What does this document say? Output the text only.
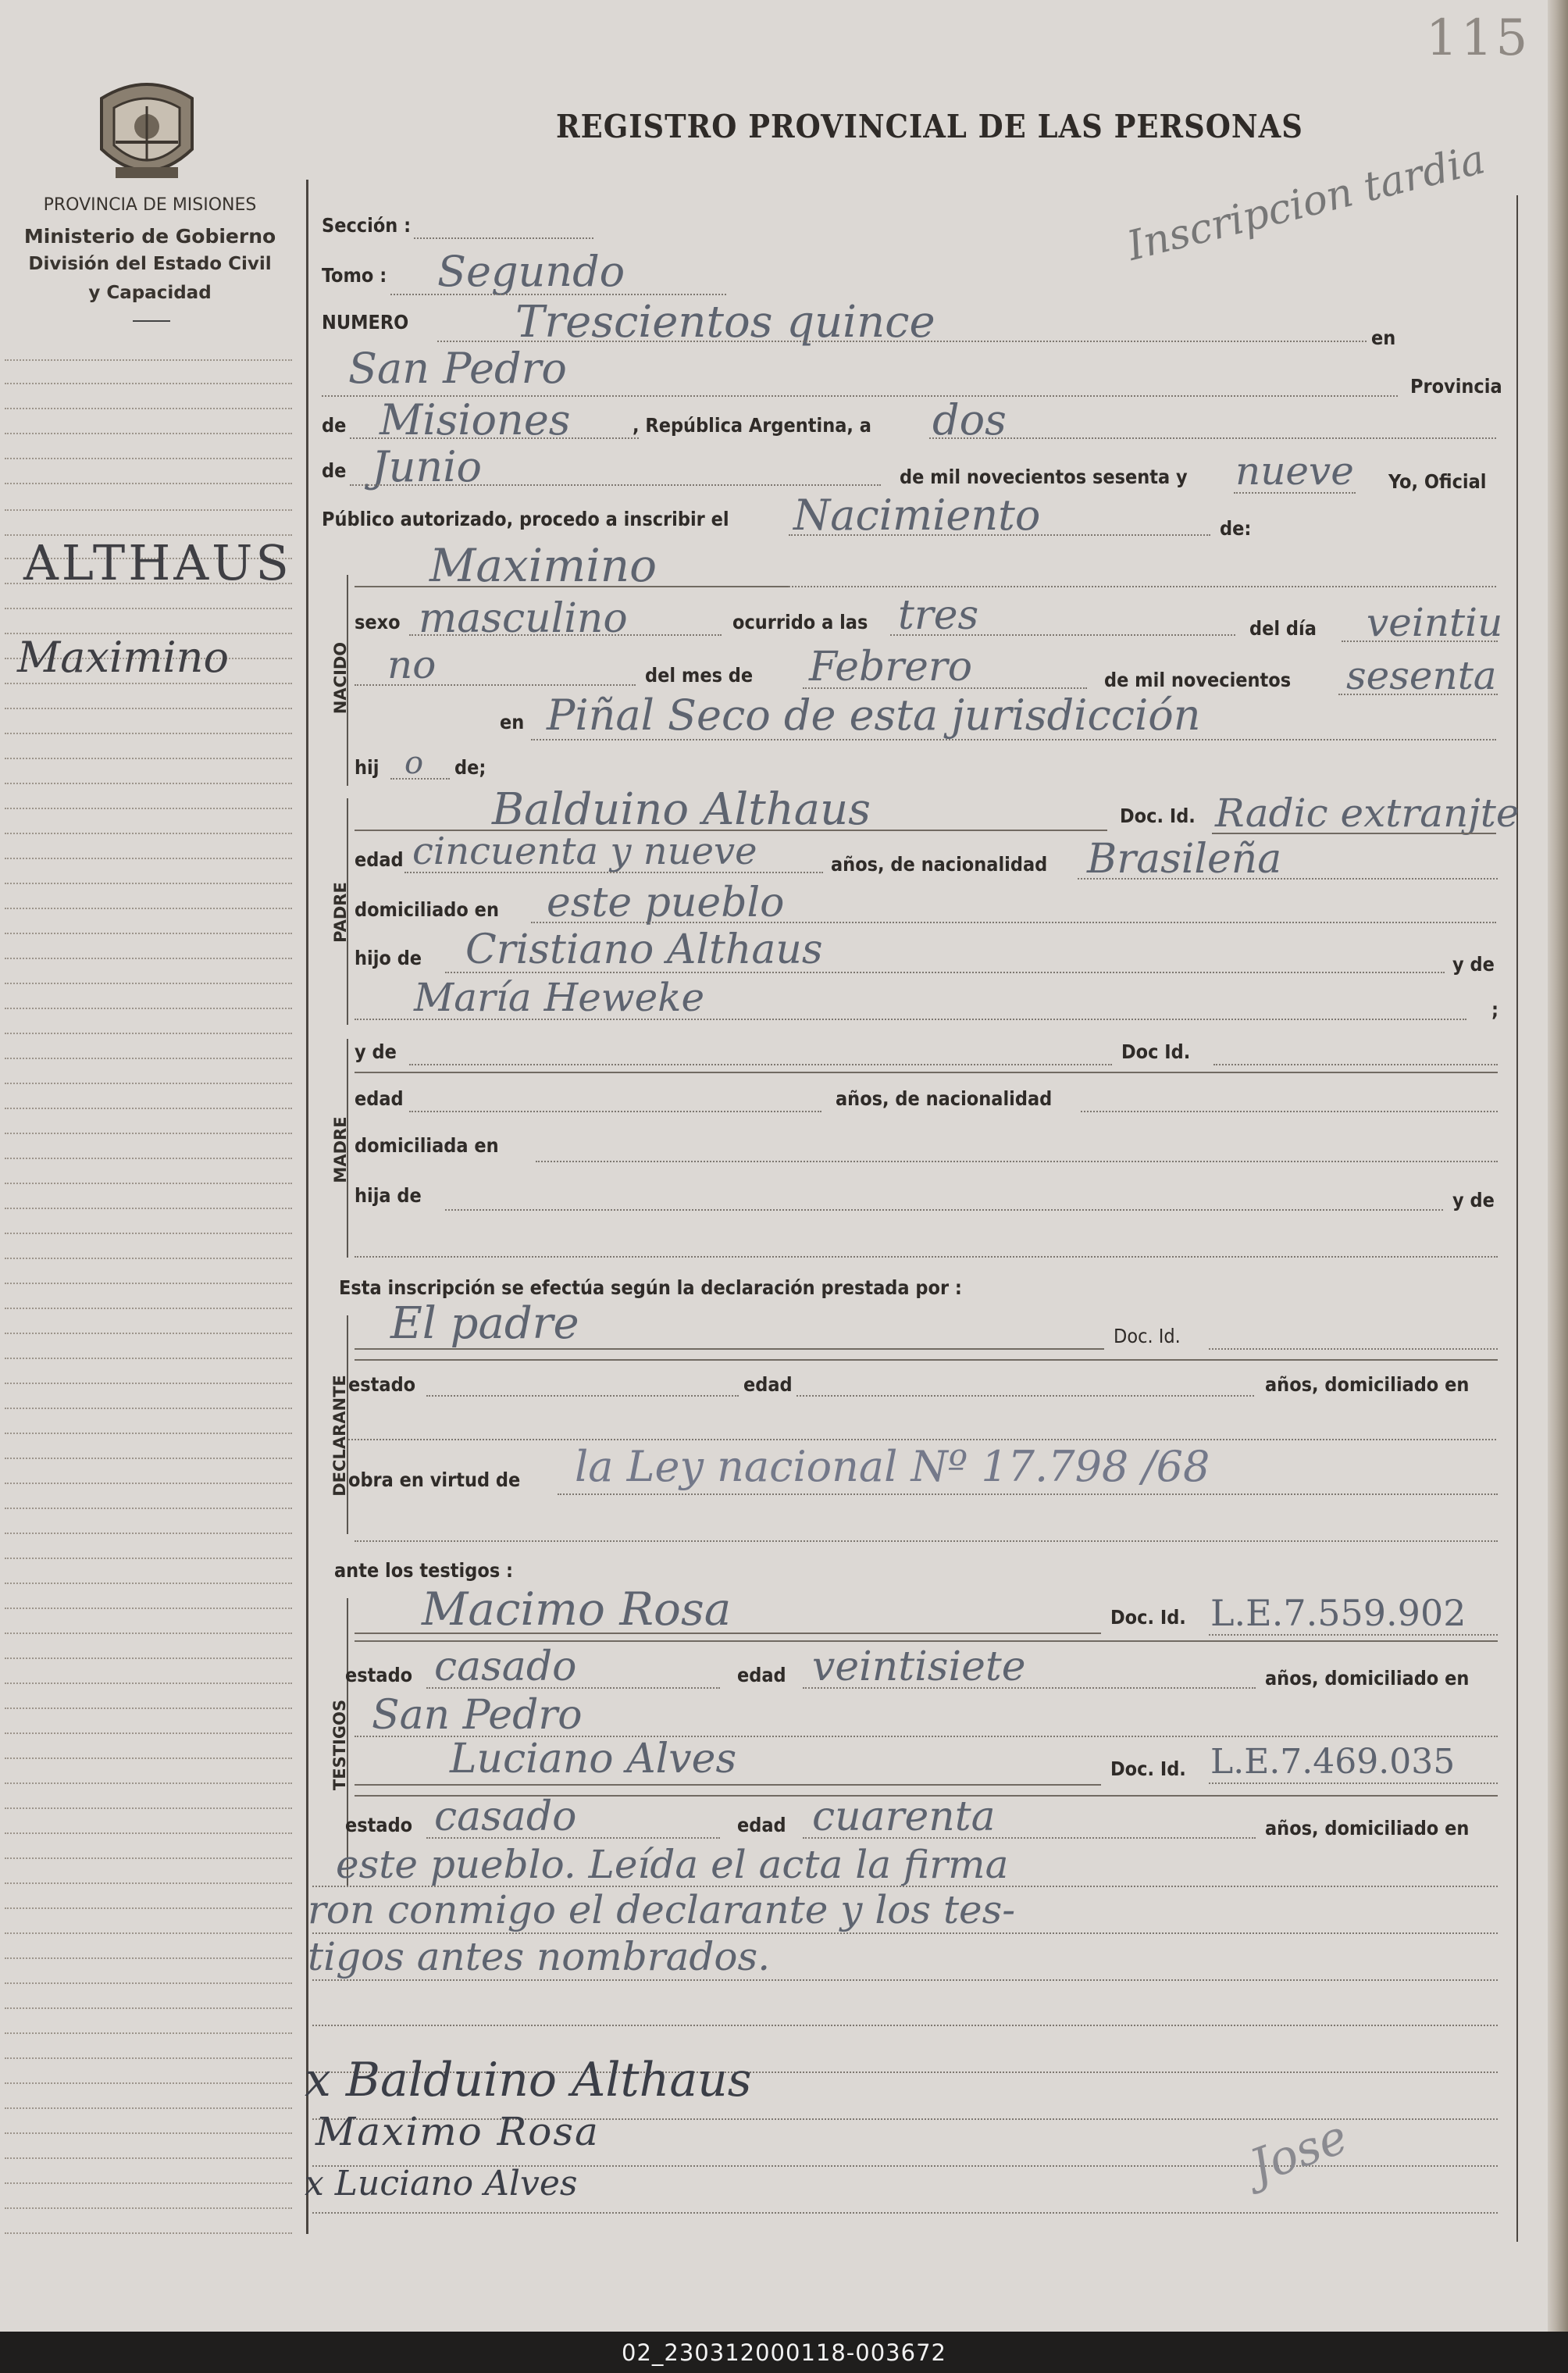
115
PROVINCIA DE MISIONES
Ministerio de Gobierno
División del Estado Civil
y Capacidad
REGISTRO PROVINCIAL DE LAS PERSONAS
Inscripcion tardia
ALTHAUS
Maximino
Sección :
Tomo : Segundo
NUMERO Trescientos quince	en
San Pedro	Provincia
de Misiones	, República Argentina, a dos
de Junio	de mil novecientos sesenta y nueve Yo, Oficial
Público autorizado, procedo a inscribir el Nacimiento	de:
NACIDO
Maximino
sexo masculino	ocurrido a las tres	del día veintiu
no	del mes de Febrero	de mil novecientos sesenta
en Piñal Seco de esta jurisdicción
hij o de;
PADRE
Balduino Althaus	Doc. Id. Radic extranjte
edad cincuenta y nueve	años, de nacionalidad Brasileña
domiciliado en este pueblo
hijo de Cristiano Althaus	y de
María Heweke	;
MADRE
y de	Doc Id.
edad	años, de nacionalidad
domiciliada en
hija de	y de
Esta inscripción se efectúa según la declaración prestada por :
DECLARANTE
El padre	Doc. Id.
estado	edad	años, domiciliado en
obra en virtud de la Ley nacional Nº 17.798 /68
ante los testigos :
TESTIGOS
Macimo Rosa	Doc. Id. L.E.7.559.902
estado casado	edad veintisiete	años, domiciliado en
San Pedro
Luciano Alves	Doc. Id. L.E.7.469.035
estado casado	edad cuarenta	años, domiciliado en
este pueblo. Leída el acta la firma
ron conmigo el declarante y los tes-
tigos antes nombrados.
x Balduino Althaus
Maximo Rosa
x Luciano Alves	Jose
02_230312000118-003672
